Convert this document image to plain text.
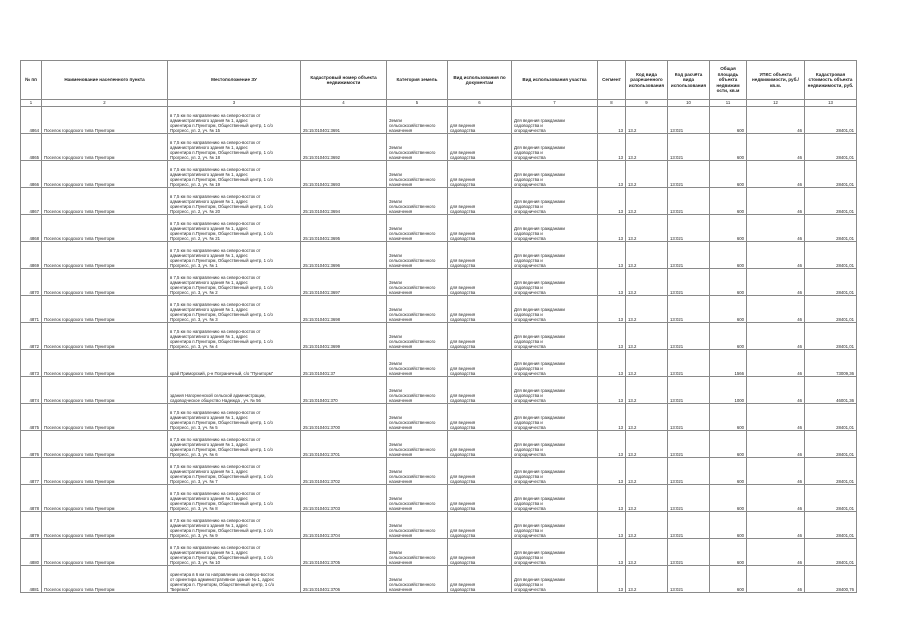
№ пп	Наименование населенного пункта	Местоположение ЗУ	Кадастровый номер объекта недвижимости	Категория земель	Вид использования по документам	Вид использования участка	Сегмент	Код вида разрешенного использования	Код расчёта вида использования	Общая площадь объекта недвижим ости, кв.м	УПКС объекта недвижимости, руб./кв.м.	Кадастровая стоимость объекта недвижимости, руб.
1	2	3	4	5	6	7	8	9	10	11	12	13
4864	Поселок городского типа Пуниторм	в 7,5 км по направлению на северо-восток от
административного здания № 1, адрес
ориентира п.Пуниторм, Общественный центр, 1 с/о
Прогресс, ул. 2, уч. № 15	25:15:010401:3691	Земли
сельскохозяйственного
назначения	для ведения
садоводства	Для ведения гражданами
садоводства и
огородничества	13	13.2	13:021	600	46	28401,01
4865	Поселок городского типа Пуниторм	в 7,5 км по направлению на северо-восток от
административного здания № 1, адрес
ориентира п.Пуниторм, Общественный центр, 1 с/о
Прогресс, ул. 2, уч. № 18	25:15:010401:3692	Земли
сельскохозяйственного
назначения	для ведения
садоводства	Для ведения гражданами
садоводства и
огородничества	13	13.2	13:021	600	46	28401,01
4866	Поселок городского типа Пуниторм	в 7,5 км по направлению на северо-восток от
административного здания № 1, адрес
ориентира п.Пуниторм, Общественный центр, 1 с/о
Прогресс, ул. 2, уч. № 19	25:15:010401:3693	Земли
сельскохозяйственного
назначения	для ведения
садоводства	Для ведения гражданами
садоводства и
огородничества	13	13.2	13:021	600	46	28401,01
4867	Поселок городского типа Пуниторм	в 7,5 км по направлению на северо-восток от
административного здания № 1, адрес
ориентира п.Пуниторм, Общественный центр, 1 с/о
Прогресс, ул. 2, уч. № 20	25:15:010401:3694	Земли
сельскохозяйственного
назначения	для ведения
садоводства	Для ведения гражданами
садоводства и
огородничества	13	13.2	13:021	600	46	28401,01
4868	Поселок городского типа Пуниторм	в 7,5 км по направлению на северо-восток от
административного здания № 1, адрес
ориентира п.Пуниторм, Общественный центр, 1 с/о
Прогресс, ул. 2, уч. № 21	25:15:010401:3695	Земли
сельскохозяйственного
назначения	для ведения
садоводства	Для ведения гражданами
садоводства и
огородничества	13	13.2	13:021	600	46	28401,01
4869	Поселок городского типа Пуниторм	в 7,5 км по направлению на северо-восток от
административного здания № 1, адрес
ориентира п.Пуниторм, Общественный центр, 1 с/о
Прогресс, ул. 3, уч. № 1	25:15:010401:3696	Земли
сельскохозяйственного
назначения	для ведения
садоводства	Для ведения гражданами
садоводства и
огородничества	13	13.2	13:021	600	46	28401,01
4870	Поселок городского типа Пуниторм	в 7,5 км по направлению на северо-восток от
административного здания № 1, адрес
ориентира п.Пуниторм, Общественный центр, 1 с/о
Прогресс, ул. 3, уч. № 2	25:15:010401:3697	Земли
сельскохозяйственного
назначения	для ведения
садоводства	Для ведения гражданами
садоводства и
огородничества	13	13.2	13:021	600	46	28401,01
4871	Поселок городского типа Пуниторм	в 7,5 км по направлению на северо-восток от
административного здания № 1, адрес
ориентира п.Пуниторм, Общественный центр, 1 с/о
Прогресс, ул. 3, уч. № 3	25:15:010401:3698	Земли
сельскохозяйственного
назначения	для ведения
садоводства	Для ведения гражданами
садоводства и
огородничества	13	13.2	13:021	600	46	28401,01
4872	Поселок городского типа Пуниторм	в 7,5 км по направлению на северо-восток от
административного здания № 1, адрес
ориентира п.Пуниторм, Общественный центр, 1 с/о
Прогресс, ул. 3, уч. № 4	25:15:010401:3699	Земли
сельскохозяйственного
назначения	для ведения
садоводства	Для ведения гражданами
садоводства и
огородничества	13	13.2	13:021	600	46	28401,01
4873	Поселок городского типа Пуниторм	край Приморский, р-н Пограничный, с/о "Пуниторм"	25:15:010401:37	Земли
сельскохозяйственного
назначения	для ведения
садоводства	Для ведения гражданами
садоводства и
огородничества	13	13.2	13:021	1566	46	73009,36
4874	Поселок городского типа Пуниторм	здания Нагорненской сельской администрации,
садоводческое общество Надежда , уч. № 56	25:15:010401:370	Земли
сельскохозяйственного
назначения	для ведения
садоводства	Для ведения гражданами
садоводства и
огородничества	13	13.2	13:021	1000	46	46001,36
4875	Поселок городского типа Пуниторм	в 7,5 км по направлению на северо-восток от
административного здания № 1, адрес
ориентира п.Пуниторм, Общественный центр, 1 с/о
Прогресс, ул. 3, уч. № 5	25:15:010401:3700	Земли
сельскохозяйственного
назначения	для ведения
садоводства	Для ведения гражданами
садоводства и
огородничества	13	13.2	13:021	600	46	28401,01
4876	Поселок городского типа Пуниторм	в 7,5 км по направлению на северо-восток от
административного здания № 1, адрес
ориентира п.Пуниторм, Общественный центр, 1 с/о
Прогресс, ул. 3, уч. № 6	25:15:010401:3701	Земли
сельскохозяйственного
назначения	для ведения
садоводства	Для ведения гражданами
садоводства и
огородничества	13	13.2	13:021	600	46	28401,01
4877	Поселок городского типа Пуниторм	в 7,5 км по направлению на северо-восток от
административного здания № 1, адрес
ориентира п.Пуниторм, Общественный центр, 1 с/о
Прогресс, ул. 3, уч. № 7	25:15:010401:3702	Земли
сельскохозяйственного
назначения	для ведения
садоводства	Для ведения гражданами
садоводства и
огородничества	13	13.2	13:021	600	46	28401,01
4878	Поселок городского типа Пуниторм	в 7,5 км по направлению на северо-восток от
административного здания № 1, адрес
ориентира п.Пуниторм, Общественный центр, 1 с/о
Прогресс, ул. 3, уч. № 8	25:15:010401:3703	Земли
сельскохозяйственного
назначения	для ведения
садоводства	Для ведения гражданами
садоводства и
огородничества	13	13.2	13:021	600	46	28401,01
4879	Поселок городского типа Пуниторм	в 7,5 км по направлению на северо-восток от
административного здания № 1, адрес
ориентира п.Пуниторм, Общественный центр, 1 с/о
Прогресс, ул. 3, уч. № 9	25:15:010401:3704	Земли
сельскохозяйственного
назначения	для ведения
садоводства	Для ведения гражданами
садоводства и
огородничества	13	13.2	13:021	600	46	28401,01
4880	Поселок городского типа Пуниторм	в 7,5 км по направлению на северо-восток от
административного здания № 1, адрес
ориентира п.Пуниторм, Общественный центр, 1 с/о
Прогресс, ул. 3, уч. № 10	25:15:010401:3705	Земли
сельскохозяйственного
назначения	для ведения
садоводства	Для ведения гражданами
садоводства и
огородничества	13	13.2	13:021	600	46	28401,01
4881	Поселок городского типа Пуниторм	ориентира в 6 км по направлению на северо-восток
от ориентира административное здание № 1, адрес
ориентира п. Пуниторм, Общественный центр, 1 с/о
"Березка"	25:15:010401:3706	Земли
сельскохозяйственного
назначения	для ведения
садоводства	Для ведения гражданами
садоводства и
огородничества	13	13.2	13:021	600	46	28400,76
